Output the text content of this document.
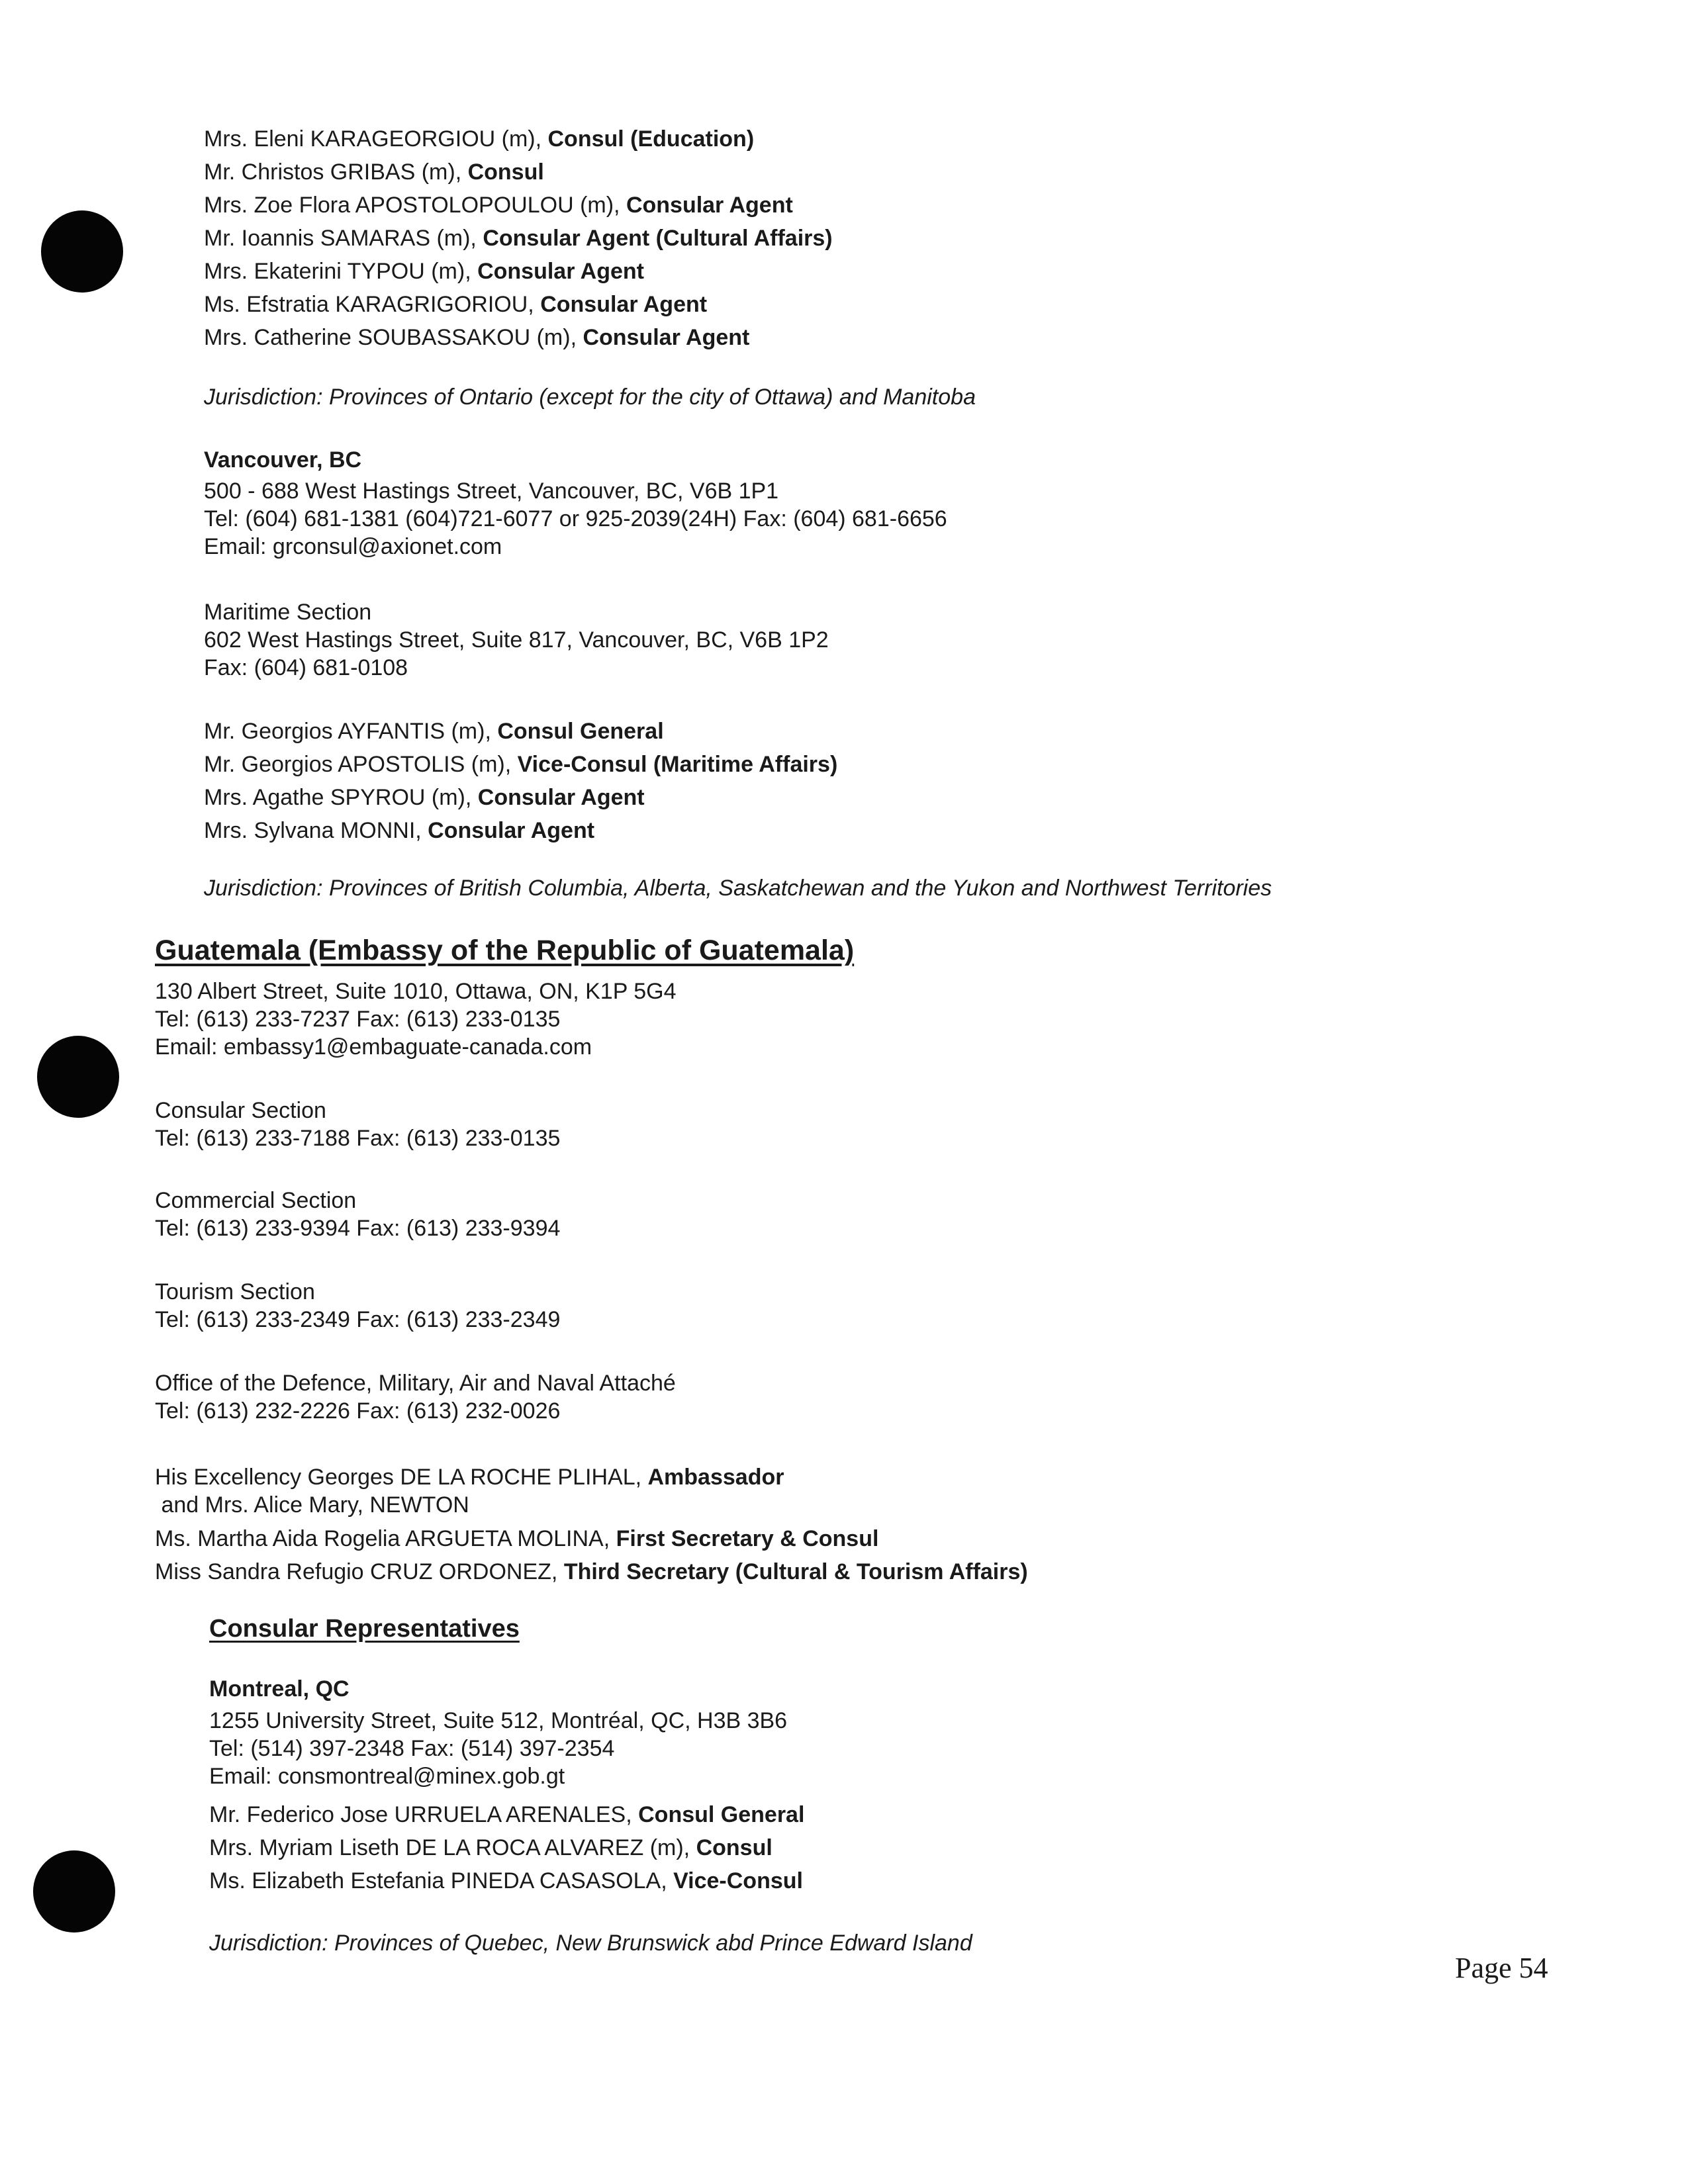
Mrs. Eleni KARAGEORGIOU (m), Consul (Education)
Mr. Christos GRIBAS (m), Consul
Mrs. Zoe Flora APOSTOLOPOULOU (m), Consular Agent
Mr. Ioannis SAMARAS (m), Consular Agent (Cultural Affairs)
Mrs. Ekaterini TYPOU (m), Consular Agent
Ms. Efstratia KARAGRIGORIOU, Consular Agent
Mrs. Catherine SOUBASSAKOU (m), Consular Agent
Jurisdiction: Provinces of Ontario (except for the city of Ottawa) and Manitoba
Vancouver, BC
500 - 688 West Hastings Street, Vancouver, BC, V6B 1P1
Tel: (604) 681-1381 (604)721-6077 or 925-2039(24H) Fax: (604) 681-6656
Email: grconsul@axionet.com
Maritime Section
602 West Hastings Street, Suite 817, Vancouver, BC, V6B 1P2
Fax: (604) 681-0108
Mr. Georgios AYFANTIS (m), Consul General
Mr. Georgios APOSTOLIS (m), Vice-Consul (Maritime Affairs)
Mrs. Agathe SPYROU (m), Consular Agent
Mrs. Sylvana MONNI, Consular Agent
Jurisdiction: Provinces of British Columbia, Alberta, Saskatchewan and the Yukon and Northwest Territories
Guatemala (Embassy of the Republic of Guatemala)
130 Albert Street, Suite 1010, Ottawa, ON, K1P 5G4
Tel: (613) 233-7237 Fax: (613) 233-0135
Email: embassy1@embaguate-canada.com
Consular Section
Tel: (613) 233-7188 Fax: (613) 233-0135
Commercial Section
Tel: (613) 233-9394 Fax: (613) 233-9394
Tourism Section
Tel: (613) 233-2349 Fax: (613) 233-2349
Office of the Defence, Military, Air and Naval Attaché
Tel: (613) 232-2226 Fax: (613) 232-0026
His Excellency Georges DE LA ROCHE PLIHAL, Ambassador
and Mrs. Alice Mary, NEWTON
Ms. Martha Aida Rogelia ARGUETA MOLINA, First Secretary & Consul
Miss Sandra Refugio CRUZ ORDONEZ, Third Secretary (Cultural & Tourism Affairs)
Consular Representatives
Montreal, QC
1255 University Street, Suite 512, Montréal, QC, H3B 3B6
Tel: (514) 397-2348 Fax: (514) 397-2354
Email: consmontreal@minex.gob.gt
Mr. Federico Jose URRUELA ARENALES, Consul General
Mrs. Myriam Liseth DE LA ROCA ALVAREZ (m), Consul
Ms. Elizabeth Estefania PINEDA CASASOLA, Vice-Consul
Jurisdiction: Provinces of Quebec, New Brunswick abd Prince Edward Island
Page 54
